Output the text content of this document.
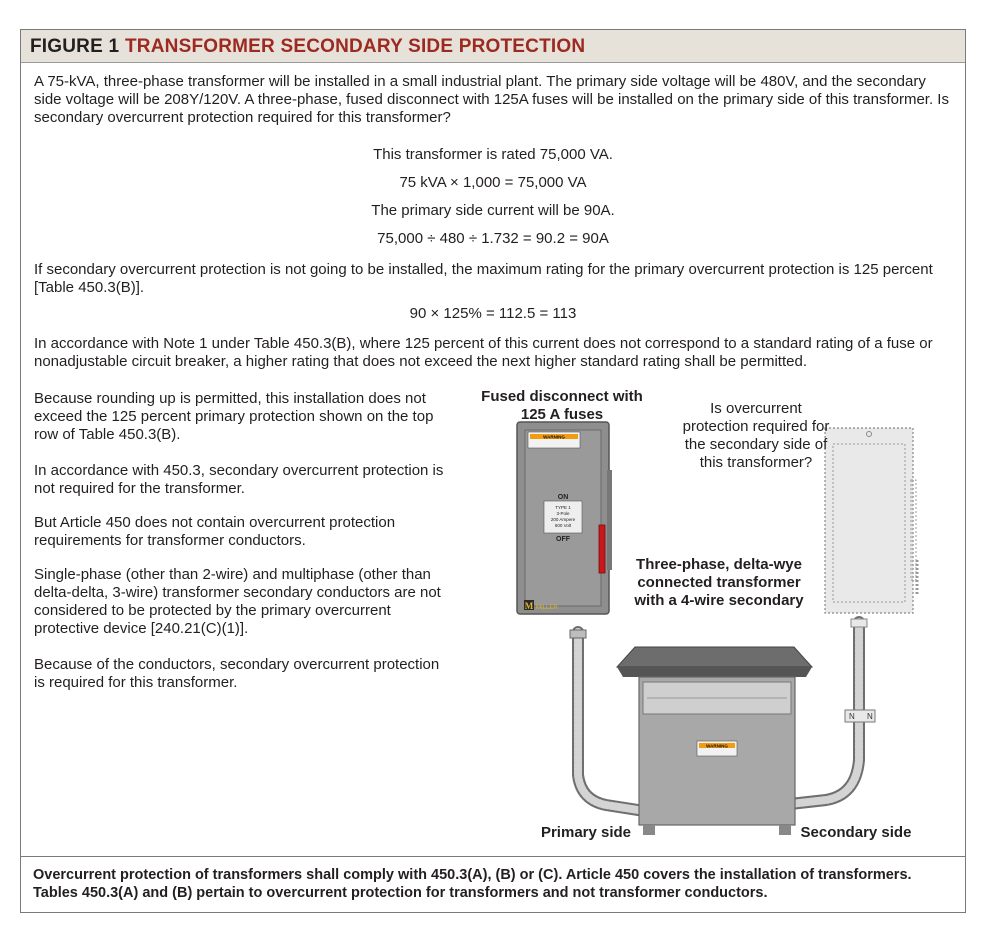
FIGURE 1 TRANSFORMER SECONDARY SIDE PROTECTION
A 75-kVA, three-phase transformer will be installed in a small industrial plant. The primary side voltage will be 480V, and the secondary side voltage will be 208Y/120V. A three-phase, fused disconnect with 125A fuses will be installed on the primary side of this transformer. Is secondary overcurrent protection required for this transformer?
This transformer is rated 75,000 VA.
75 kVA × 1,000 = 75,000 VA
The primary side current will be 90A.
75,000 ÷ 480 ÷ 1.732 = 90.2 = 90A
If secondary overcurrent protection is not going to be installed, the maximum rating for the primary overcurrent protection is 125 percent [Table 450.3(B)].
90 × 125% = 112.5 = 113
In accordance with Note 1 under Table 450.3(B), where 125 percent of this current does not correspond to a standard rating of a fuse or nonadjustable circuit breaker, a higher rating that does not exceed the next higher standard rating shall be permitted.
Because rounding up is permitted, this installation does not exceed the 125 percent primary protection shown on the top row of Table 450.3(B).
In accordance with 450.3, secondary overcurrent protection is not required for the transformer.
But Article 450 does not contain overcurrent protection requirements for transformer conductors.
Single-phase (other than 2-wire) and multiphase (other than delta-delta, 3-wire) transformer secondary conductors are not considered to be protected by the primary overcurrent protective device [240.21(C)(1)].
Because of the conductors, secondary overcurrent protection is required for this transformer.
N N
WARNING
ON
TYPE 1
3-Pole
200 Ampere
600 Volt
OFF
M MILLER
WARNING
Fused disconnect with 125 A fuses	Is overcurrent protection required for the secondary side of this transformer?
Three-phase, delta-wye connected transformer with a 4-wire secondary
Primary side	Secondary side
Overcurrent protection of transformers shall comply with 450.3(A), (B) or (C). Article 450 covers the installation of transformers. Tables 450.3(A) and (B) pertain to overcurrent protection for transformers and not transformer conductors.
